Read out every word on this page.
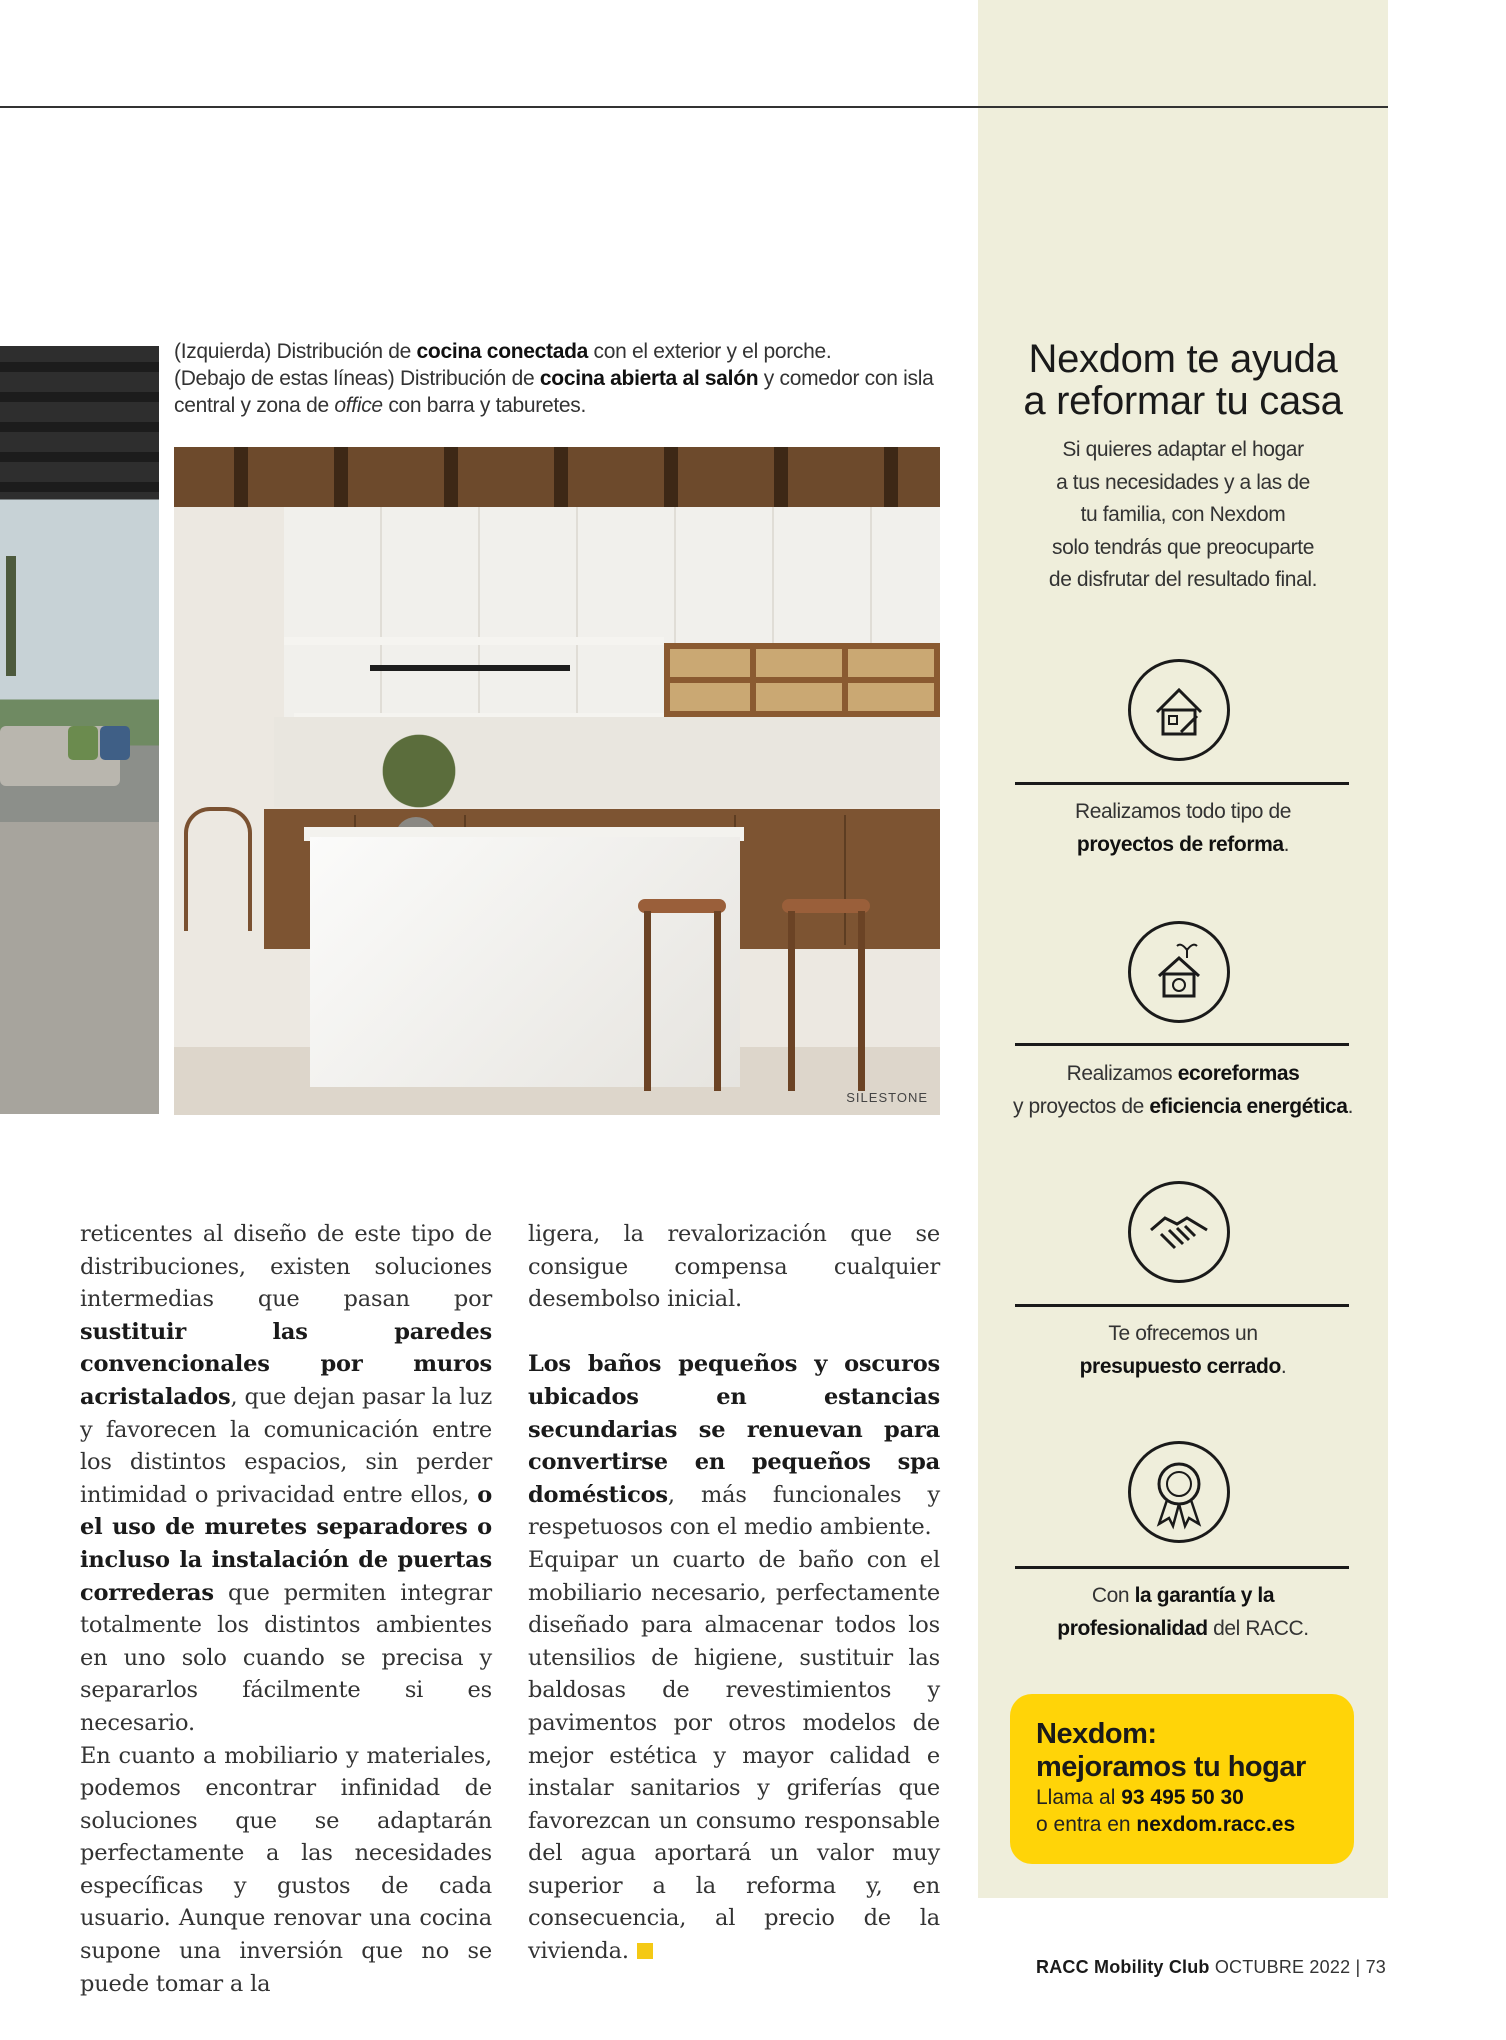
(Izquierda) Distribución de cocina conectada con el exterior y el porche.
(Debajo de estas líneas) Distribución de cocina abierta al salón y comedor con isla central y zona de office con barra y taburetes.
SILESTONE

reticentes al diseño de este tipo de distribuciones, existen soluciones intermedias que pasan por sustituir las paredes convencionales por muros acristalados, que dejan pasar la luz y favorecen la comunicación entre los distintos espacios, sin perder intimidad o privacidad entre ellos, o el uso de muretes separadores o incluso la instalación de puertas correderas que permiten integrar totalmente los distintos ambientes en uno solo cuando se precisa y separarlos fácilmente si es necesario.

En cuanto a mobiliario y materiales, podemos encontrar infinidad de soluciones que se adaptarán perfectamente a las necesidades específicas y gustos de cada usuario. Aunque renovar una cocina supone una inversión que no se puede tomar a la

ligera, la revalorización que se consigue compensa cualquier desembolso inicial.

Los baños pequeños y oscuros ubicados en estancias secundarias se renuevan para convertirse en pequeños spa domésticos, más funcionales y respetuosos con el medio ambiente.

Equipar un cuarto de baño con el mobiliario necesario, perfectamente diseñado para almacenar todos los utensilios de higiene, sustituir las baldosas de revestimientos y pavimentos por otros modelos de mejor estética y mayor calidad e instalar sanitarios y griferías que favorezcan un consumo responsable del agua aportará un valor muy superior a la reforma y, en consecuencia, al precio de la vivienda.

Nexdom te ayuda
a reformar tu casa
Si quieres adaptar el hogar
a tus necesidades y a las de
tu familia, con Nexdom
solo tendrás que preocuparte
de disfrutar del resultado final.
Realizamos todo tipo de
proyectos de reforma.
Realizamos ecoreformas
y proyectos de eficiencia energética.
Te ofrecemos un
presupuesto cerrado.
Con la garantía y la
profesionalidad del RACC.
Nexdom:
mejoramos tu hogar
Llama al 93 495 50 30
o entra en nexdom.racc.es
RACC Mobility Club OCTUBRE 2022 | 73
